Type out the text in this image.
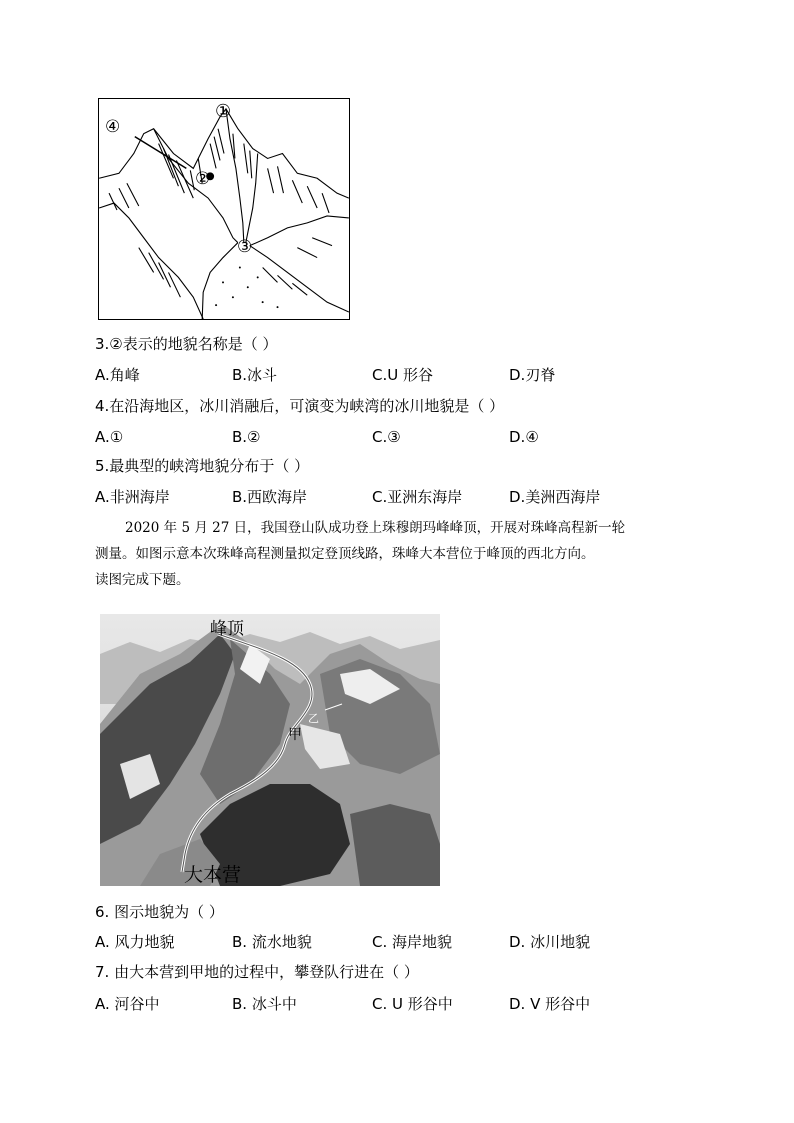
①
②
③
④
3.②表示的地貌名称是（ ）
A.角峰	B.冰斗	C.U 形谷	D.刃脊
4.在沿海地区，冰川消融后，可演变为峡湾的冰川地貌是（ ）
A.①	B.②	C.③	D.④
5.最典型的峡湾地貌分布于（ ）
A.非洲海岸	B.西欧海岸	C.亚洲东海岸	D.美洲西海岸

2020 年 5 月 27 日，我国登山队成功登上珠穆朗玛峰峰顶，开展对珠峰高程新一轮

测量。如图示意本次珠峰高程测量拟定登顶线路，珠峰大本营位于峰顶的西北方向。

读图完成下题。

峰顶
乙
甲
大本营
6. 图示地貌为（ ）
A. 风力地貌	B. 流水地貌	C. 海岸地貌	D. 冰川地貌
7. 由大本营到甲地的过程中，攀登队行进在（ ）
A. 河谷中	B. 冰斗中	C. U 形谷中	D. V 形谷中
